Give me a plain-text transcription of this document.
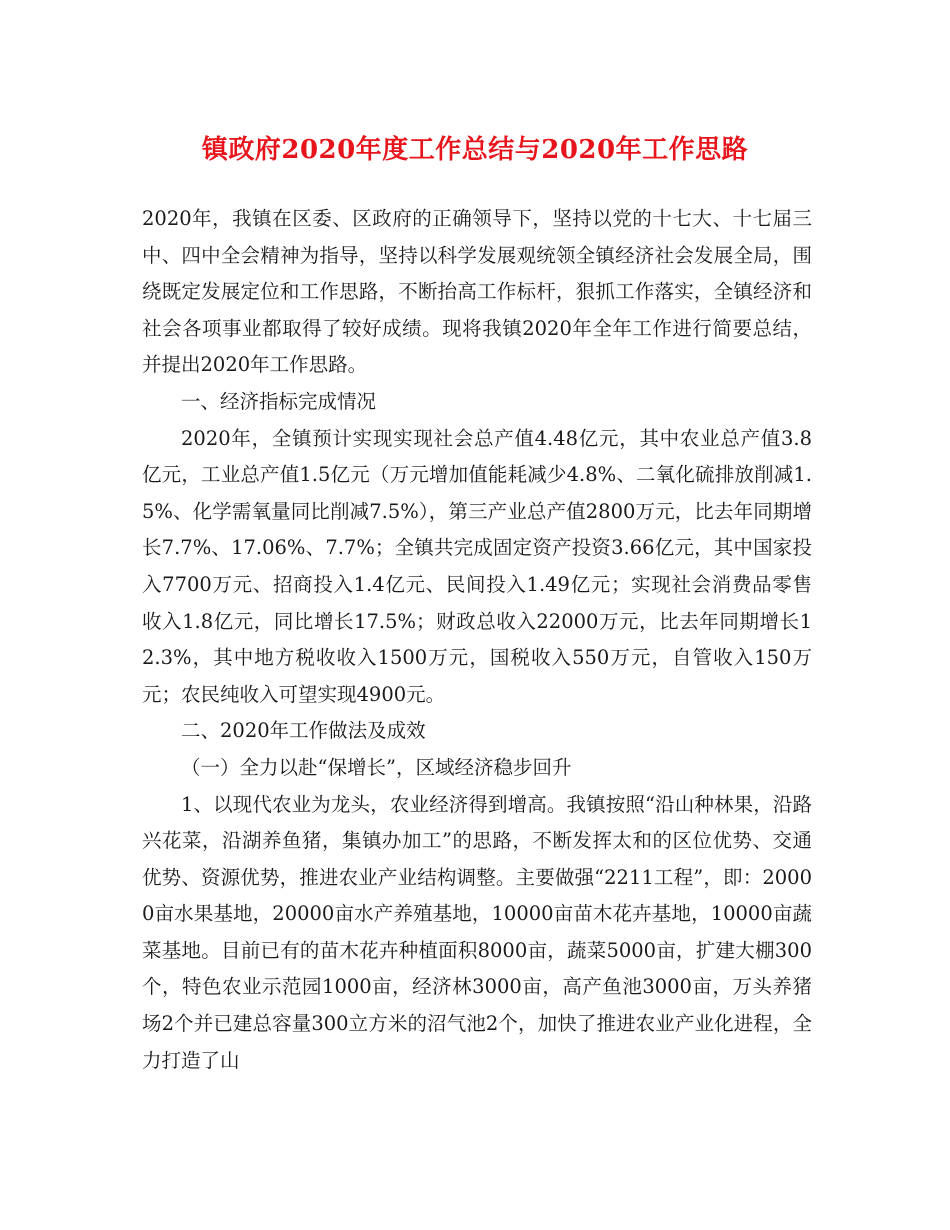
镇政府2020年度工作总结与2020年工作思路

2020年，我镇在区委、区政府的正确领导下，坚持以党的十七大、十七届三中、四中全会精神为指导，坚持以科学发展观统领全镇经济社会发展全局，围绕既定发展定位和工作思路，不断抬高工作标杆，狠抓工作落实，全镇经济和社会各项事业都取得了较好成绩。现将我镇2020年全年工作进行简要总结，并提出2020年工作思路。

一、经济指标完成情况

2020年，全镇预计实现实现社会总产值4.48亿元，其中农业总产值3.8亿元，工业总产值1.5亿元（万元增加值能耗减少4.8%、二氧化硫排放削减1.5%、化学需氧量同比削减7.5%），第三产业总产值2800万元，比去年同期增长7.7%、17.06%、7.7%；全镇共完成固定资产投资3.66亿元，其中国家投入7700万元、招商投入1.4亿元、民间投入1.49亿元；实现社会消费品零售收入1.8亿元，同比增长17.5%；财政总收入22000万元，比去年同期增长12.3%，其中地方税收收入1500万元，国税收入550万元，自管收入150万元；农民纯收入可望实现4900元。

二、2020年工作做法及成效

（一）全力以赴“保增长”，区域经济稳步回升

1、以现代农业为龙头，农业经济得到增高。我镇按照“沿山种林果，沿路兴花菜，沿湖养鱼猪，集镇办加工”的思路，不断发挥太和的区位优势、交通优势、资源优势，推进农业产业结构调整。主要做强“2211工程”，即：20000亩水果基地，20000亩水产养殖基地，10000亩苗木花卉基地，10000亩蔬菜基地。目前已有的苗木花卉种植面积8000亩，蔬菜5000亩，扩建大棚300个，特色农业示范园1000亩，经济林3000亩，高产鱼池3000亩，万头养猪场2个并已建总容量300立方米的沼气池2个，加快了推进农业产业化进程，全力打造了山
